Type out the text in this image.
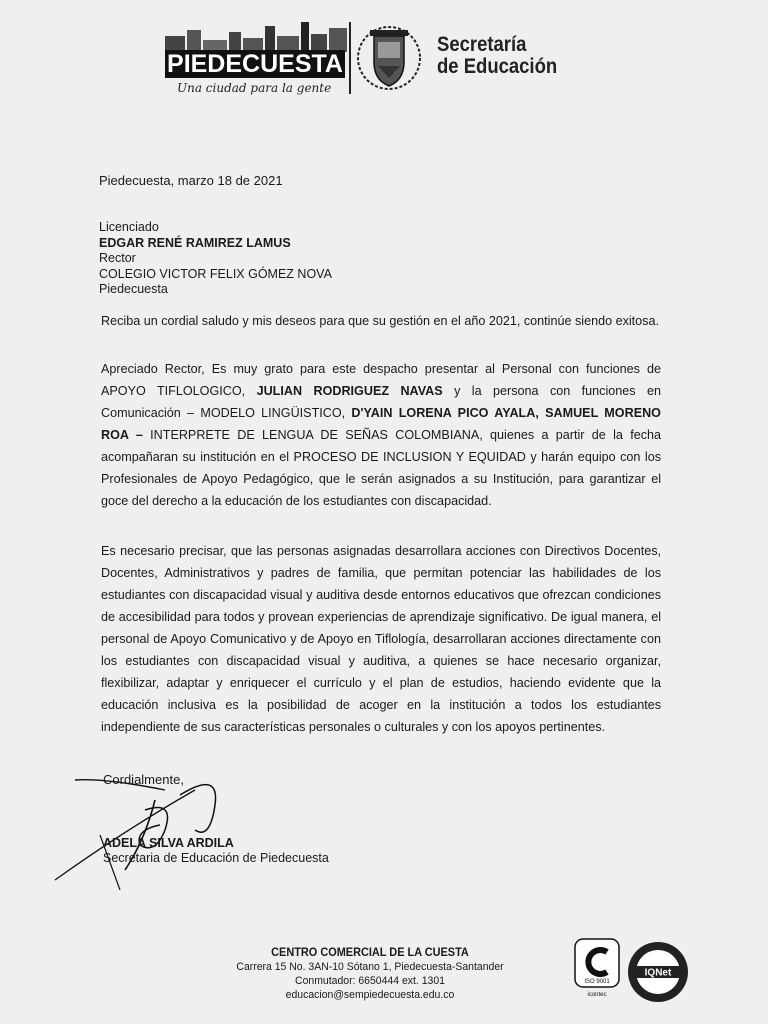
PIEDECUESTA
Una ciudad para la gente
Secretaría
de Educación
Piedecuesta, marzo 18 de 2021
Licenciado
EDGAR RENÉ RAMIREZ LAMUS
Rector
COLEGIO VICTOR FELIX GÓMEZ NOVA
Piedecuesta

Reciba un cordial saludo y mis deseos para que su gestión en el año 2021, continúe siendo exitosa.

Apreciado Rector, Es muy grato para este despacho presentar al Personal con funciones de APOYO TIFLOLOGICO, JULIAN RODRIGUEZ NAVAS y la persona con funciones en Comunicación – MODELO LINGÜISTICO, D'YAIN LORENA PICO AYALA, SAMUEL MORENO ROA – INTERPRETE DE LENGUA DE SEÑAS COLOMBIANA, quienes a partir de la fecha acompañaran su institución en el PROCESO DE INCLUSION Y EQUIDAD y harán equipo con los Profesionales de Apoyo Pedagógico, que le serán asignados a su Institución, para garantizar el goce del derecho a la educación de los estudiantes con discapacidad.

Es necesario precisar, que las personas asignadas desarrollara acciones con Directivos Docentes, Docentes, Administrativos y padres de familia, que permitan potenciar las habilidades de los estudiantes con discapacidad visual y auditiva desde entornos educativos que ofrezcan condiciones de accesibilidad para todos y provean experiencias de aprendizaje significativo. De igual manera, el personal de Apoyo Comunicativo y de Apoyo en Tiflología, desarrollaran acciones directamente con los estudiantes con discapacidad visual y auditiva, a quienes se hace necesario organizar, flexibilizar, adaptar y enriquecer el currículo y el plan de estudios, haciendo evidente que la educación inclusiva es la posibilidad de acoger en la institución a todos los estudiantes independiente de sus características personales o culturales y con los apoyos pertinentes.

Cordialmente,
ADELA SILVA ARDILA
Secretaria de Educación de Piedecuesta
CENTRO COMERCIAL DE LA CUESTA
Carrera 15 No. 3AN-10 Sótano 1, Piedecuesta-Santander
Conmutador: 6650444 ext. 1301
educacion@sempiedecuesta.edu.co
ISO 9001
icontec
IQNet
